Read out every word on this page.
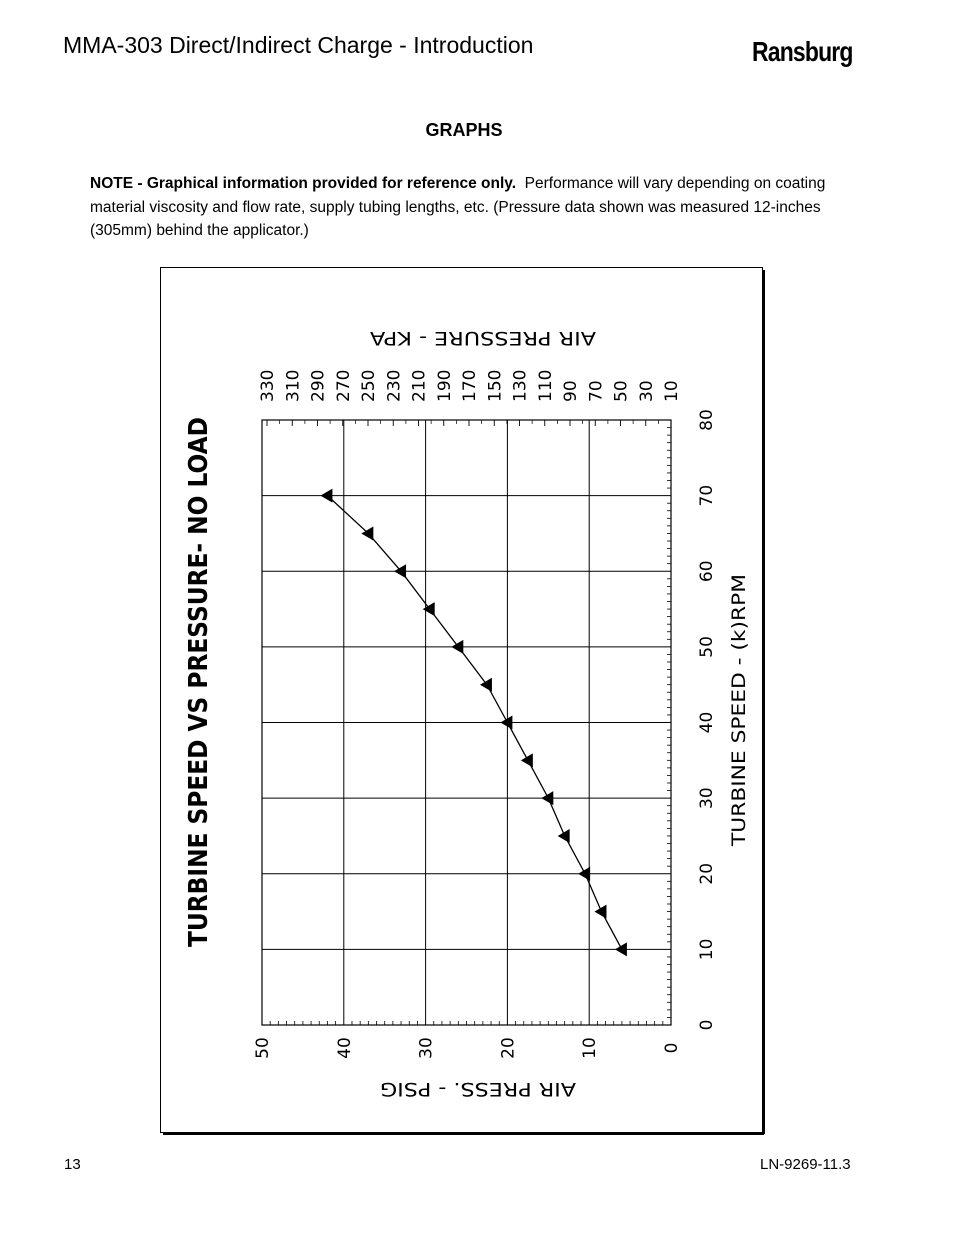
MMA-303 Direct/Indirect Charge - Introduction	Ransburg
GRAPHS
NOTE - Graphical information provided for reference only. Performance will vary depending on coating material viscosity and flow rate, supply tubing lengths, etc. (Pressure data shown was measured 12-inches (305mm) behind the applicator.)
0
10
20
30
40
50
60
70
80
0
10
20
30
40
50
330 310 290 270 250 230 210 190 170 150 130 110 90 70 50 30 10
TURBINE SPEED VS PRESSURE- NO LOAD	TURBINE SPEED - (k)RPM
AIR PRESS. - PSIG
AIR PRESSURE - KPA
13	LN-9269-11.3
